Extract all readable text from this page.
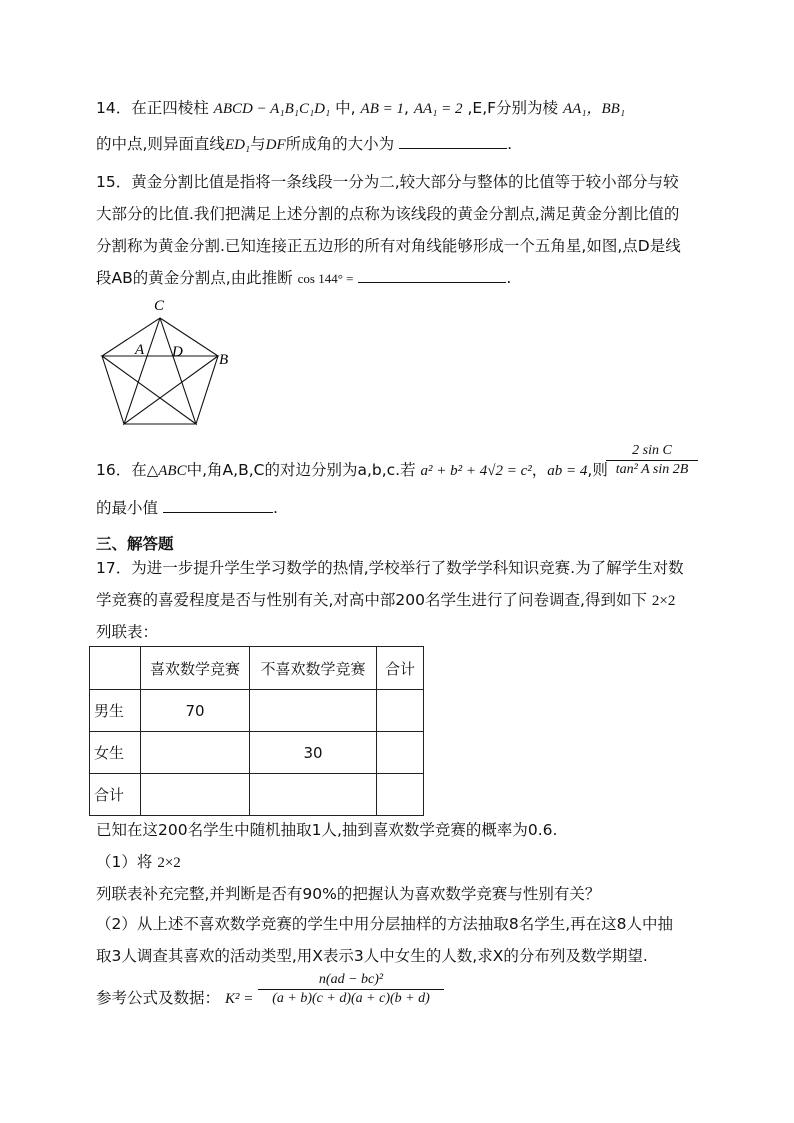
14．在正四棱柱 ABCD − A₁B₁C₁D₁ 中, AB = 1, AA₁ = 2 ,E,F分别为棱 AA₁，BB₁
的中点,则异面直线ED₁与DF所成角的大小为	.
15．黄金分割比值是指将一条线段一分为二,较大部分与整体的比值等于较小部分与较
大部分的比值.我们把满足上述分割的点称为该线段的黄金分割点,满足黄金分割比值的
分割称为黄金分割.已知连接正五边形的所有对角线能够形成一个五角星,如图,点D是线
段AB的黄金分割点,由此推断 cos 144° =	.
C
A D B
16．在△ABC中,角A,B,C的对边分别为a,b,c.若 a² + b² + 4√2 = c²，ab = 4,则
2 sin C
tan² A sin 2B
的最小值	.
三、解答题
17．为进一步提升学生学习数学的热情,学校举行了数学学科知识竞赛.为了解学生对数
学竞赛的喜爱程度是否与性别有关,对高中部200名学生进行了问卷调查,得到如下 2×2
列联表：
	喜欢数学竞赛	不喜欢数学竞赛	合计
男生	70		
女生		30	
合计			
已知在这200名学生中随机抽取1人,抽到喜欢数学竞赛的概率为0.6.
（1）将 2×2
列联表补充完整,并判断是否有90%的把握认为喜欢数学竞赛与性别有关？
（2）从上述不喜欢数学竞赛的学生中用分层抽样的方法抽取8名学生,再在这8人中抽
取3人调查其喜欢的活动类型,用X表示3人中女生的人数,求X的分布列及数学期望.
参考公式及数据： K² =
n(ad − bc)²
(a + b)(c + d)(a + c)(b + d)
